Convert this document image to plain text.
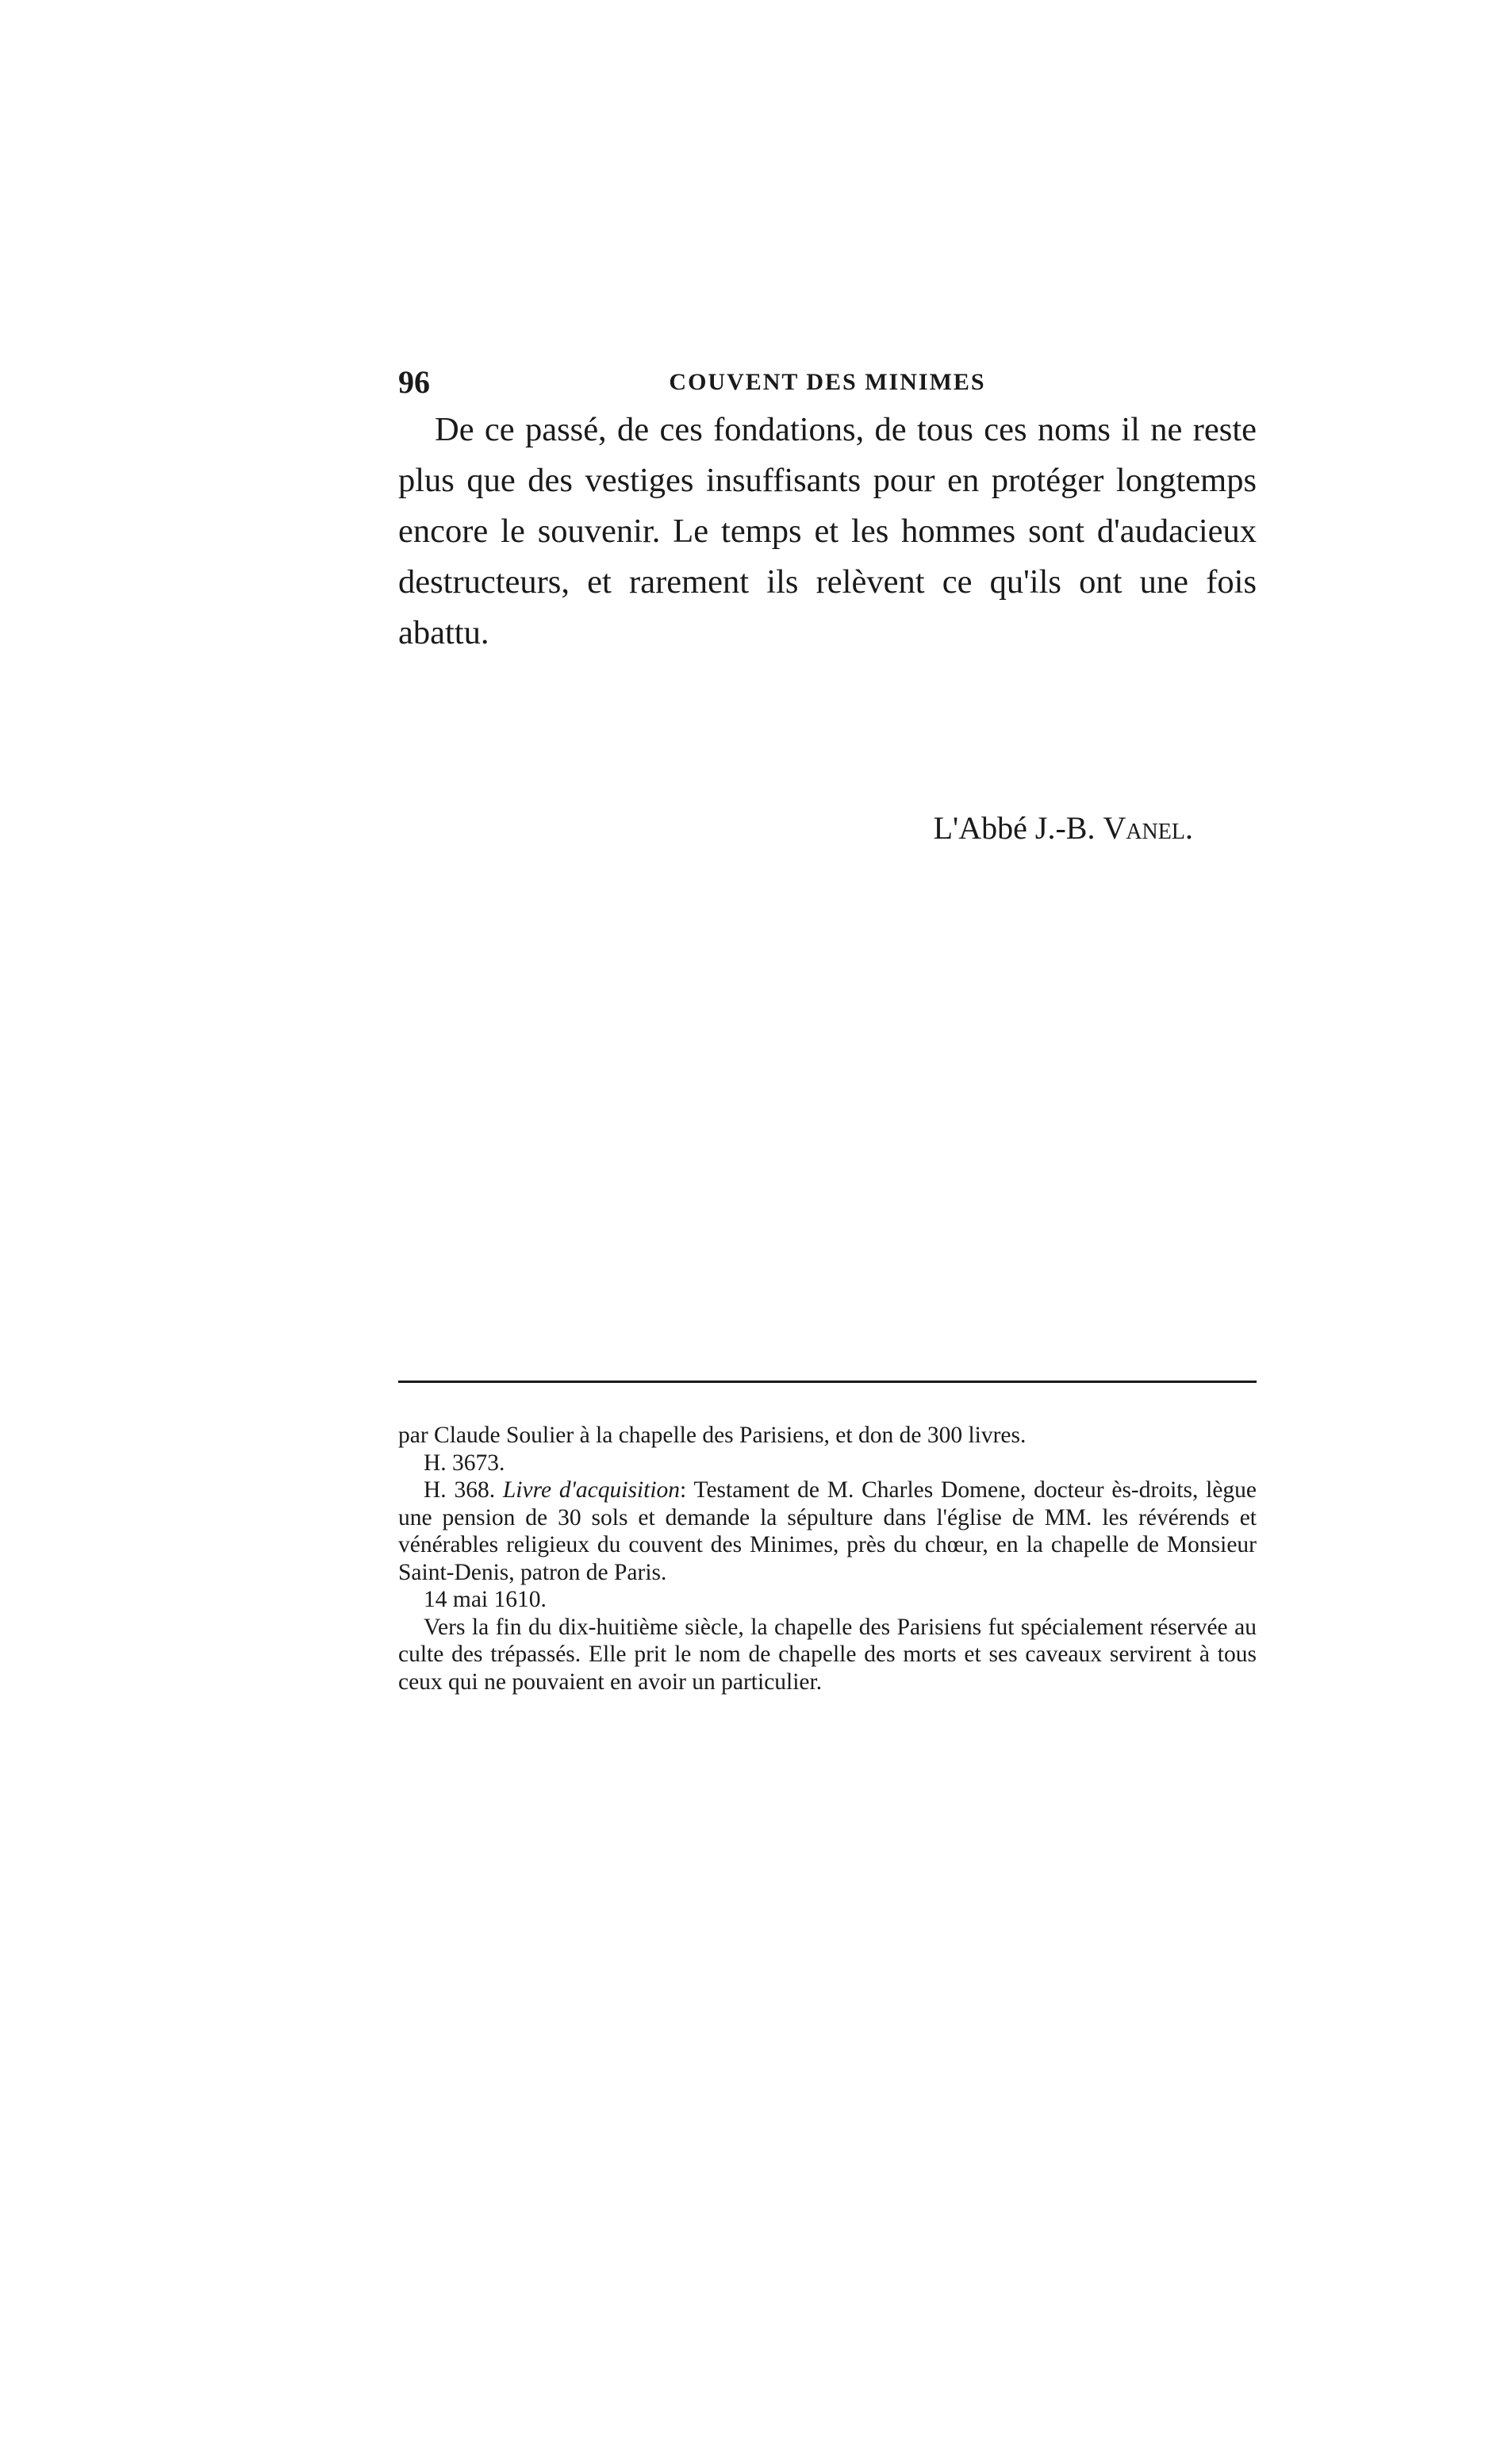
96	COUVENT DES MINIMES

De ce passé, de ces fondations, de tous ces noms il ne reste plus que des vestiges insuffisants pour en protéger longtemps encore le souvenir. Le temps et les hommes sont d'audacieux destructeurs, et rarement ils relèvent ce qu'ils ont une fois abattu.

L'Abbé J.-B. Vanel.

par Claude Soulier à la chapelle des Parisiens, et don de 300 livres.

H. 3673.

H. 368. Livre d'acquisition: Testament de M. Charles Domene, docteur ès-droits, lègue une pension de 30 sols et demande la sépulture dans l'église de MM. les révérends et vénérables religieux du couvent des Minimes, près du chœur, en la chapelle de Monsieur Saint-Denis, patron de Paris.

14 mai 1610.

Vers la fin du dix-huitième siècle, la chapelle des Parisiens fut spécialement réservée au culte des trépassés. Elle prit le nom de chapelle des morts et ses caveaux servirent à tous ceux qui ne pouvaient en avoir un particulier.
